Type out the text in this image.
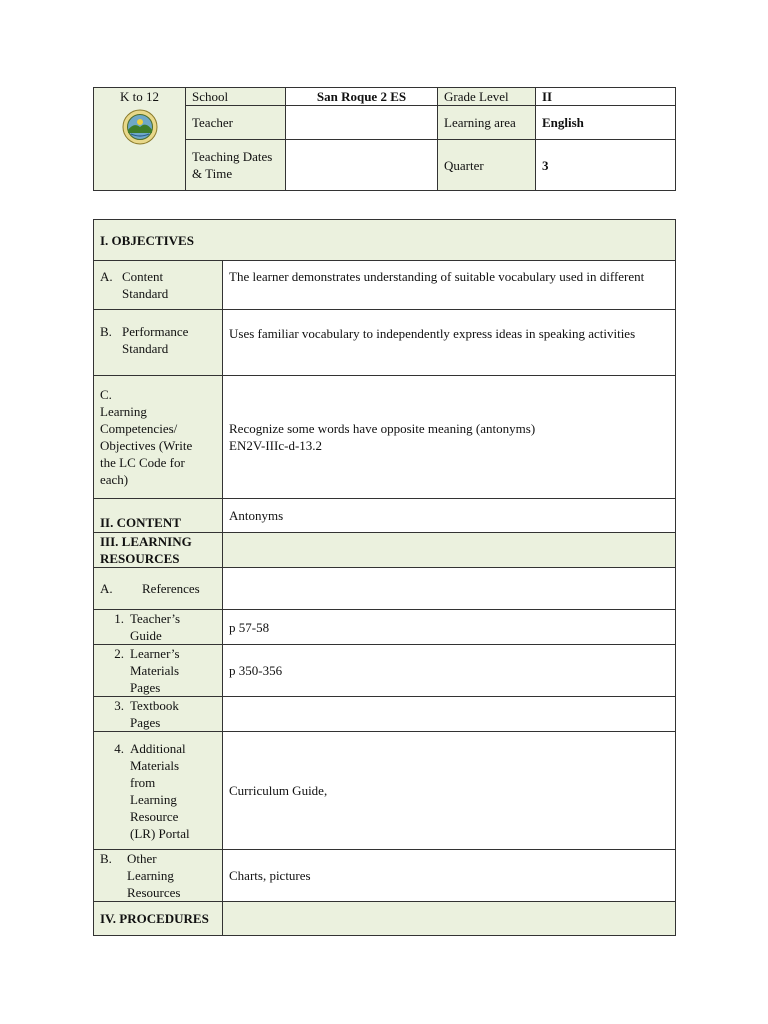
K to 12	School	San Roque 2 ES	Grade Level	II
	Teacher		Learning area	English
	Teaching Dates & Time		Quarter	3
I. OBJECTIVES	
A. Content Standard	The learner demonstrates understanding of suitable vocabulary used in different
B. Performance Standard	Uses familiar vocabulary to independently express ideas in speaking activities
C.Learning Competencies/ Objectives (Write the LC Code for each)	Recognize some words have opposite meaning (antonyms)
EN2V-IIIc-d-13.2

II. CONTENT	Antonyms
III. LEARNING RESOURCES	
A. References	
1. Teacher’s Guide	p 57-58
2. Learner’s Materials Pages	p 350-356
3. Textbook Pages	
4. Additional Materials from Learning Resource (LR) Portal	Curriculum Guide,
B. Other Learning Resources	Charts, pictures
IV. PROCEDURES	
